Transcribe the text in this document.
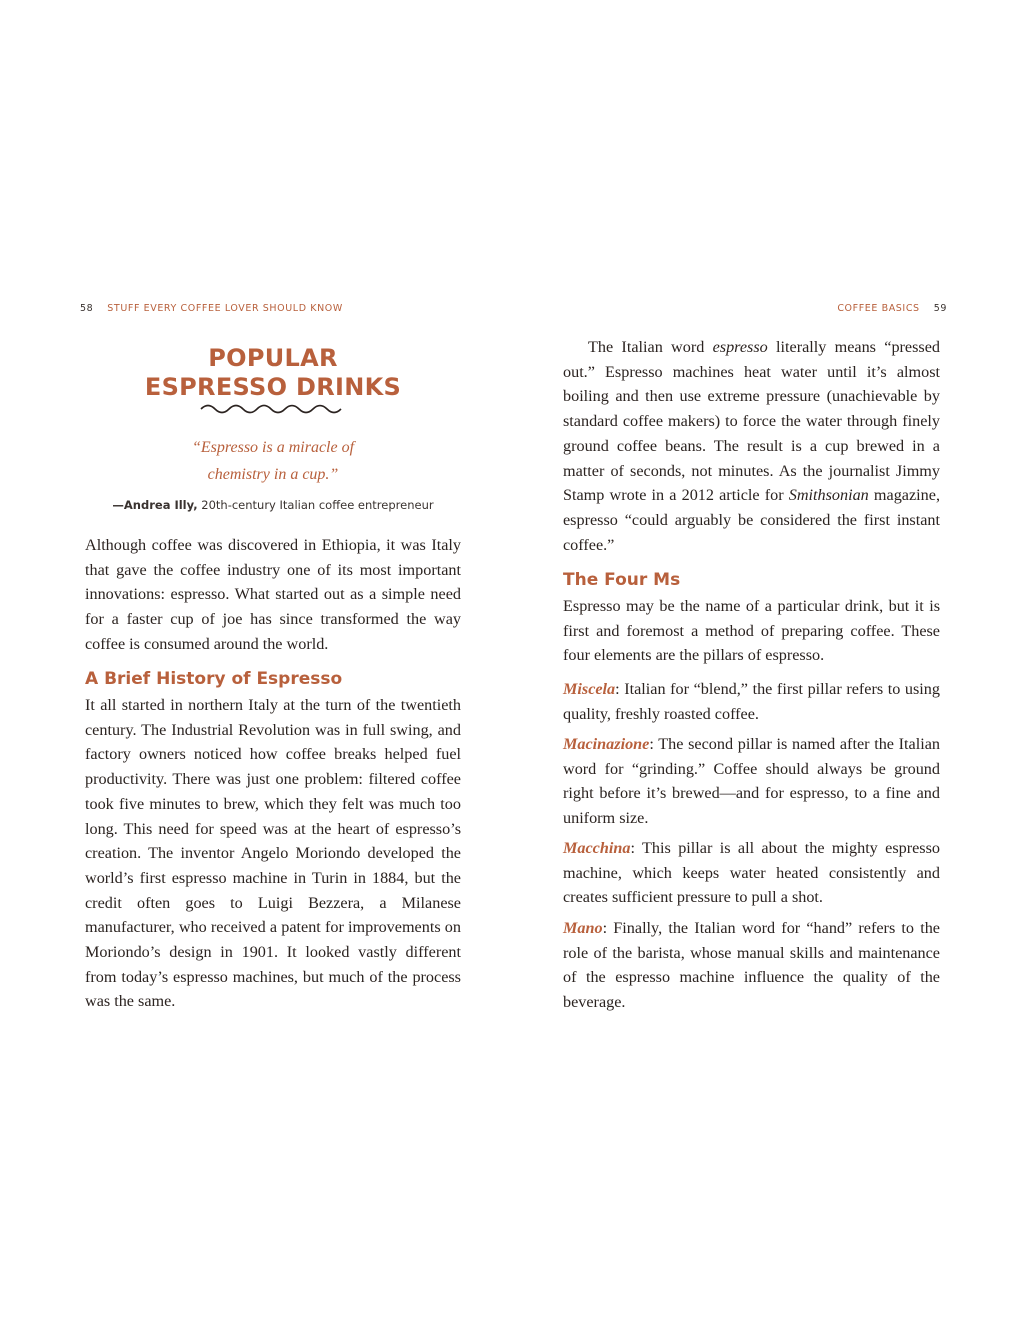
58 STUFF EVERY COFFEE LOVER SHOULD KNOW	COFFEE BASICS 59
POPULAR
ESPRESSO DRINKS
“Espresso is a miracle of
chemistry in a cup.”
—Andrea Illy, 20th-century Italian coffee entrepreneur

Although coffee was discovered in Ethiopia, it was Italy that gave the coffee industry one of its most important innovations: espresso. What started out as a simple need for a faster cup of joe has since transformed the way coffee is consumed around the world.

A Brief History of Espresso

It all started in northern Italy at the turn of the twentieth century. The Industrial Revolution was in full swing, and factory owners noticed how coffee breaks helped fuel productivity. There was just one problem: filtered coffee took five minutes to brew, which they felt was much too long. This need for speed was at the heart of espresso’s creation. The inventor Angelo Moriondo developed the world’s first espresso machine in Turin in 1884, but the credit often goes to Luigi Bezzera, a Milanese manufacturer, who received a patent for improvements on Moriondo’s design in 1901. It looked vastly different from today’s espresso machines, but much of the process was the same.

The Italian word espresso literally means “pressed out.” Espresso machines heat water until it’s almost boiling and then use extreme pressure (unachievable by standard coffee makers) to force the water through finely ground coffee beans. The result is a cup brewed in a matter of seconds, not minutes. As the journalist Jimmy Stamp wrote in a 2012 article for Smithsonian magazine, espresso “could arguably be considered the first instant coffee.”

The Four Ms

Espresso may be the name of a particular drink, but it is first and foremost a method of preparing coffee. These four elements are the pillars of espresso.

Miscela: Italian for “blend,” the first pillar refers to using quality, freshly roasted coffee.

Macinazione: The second pillar is named after the Italian word for “grinding.” Coffee should always be ground right before it’s brewed—and for espresso, to a fine and uniform size.

Macchina: This pillar is all about the mighty espresso machine, which keeps water heated consistently and creates sufficient pressure to pull a shot.

Mano: Finally, the Italian word for “hand” refers to the role of the barista, whose manual skills and maintenance of the espresso machine influence the quality of the beverage.
